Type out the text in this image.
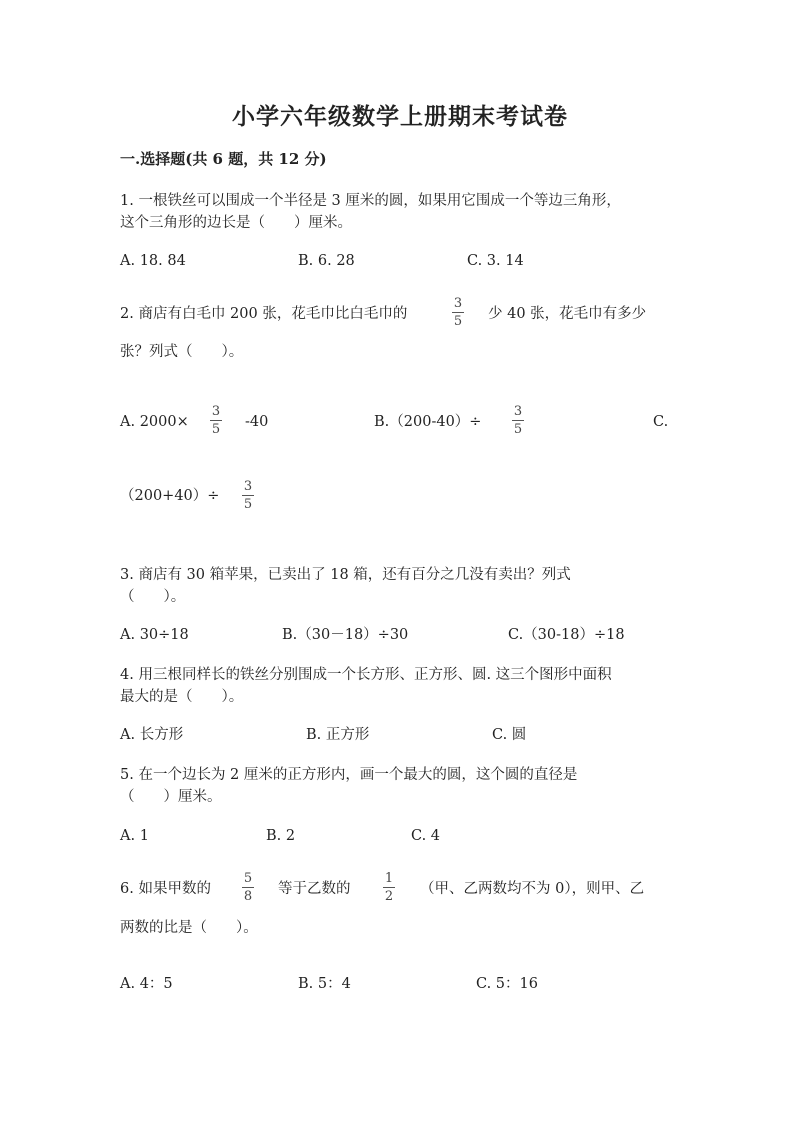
小学六年级数学上册期末考试卷
一.选择题(共 6 题，共 12 分)
1. 一根铁丝可以围成一个半径是 3 厘米的圆，如果用它围成一个等边三角形，
这个三角形的边长是（　　）厘米。
A. 18. 84	B. 6. 28	C. 3. 14
2. 商店有白毛巾 200 张，花毛巾比白毛巾的
3
5 少 40 张，花毛巾有多少
张？列式（　　）。
A. 2000×
3
5 -40	B.（200-40）÷
3
5	C.
（200+40）÷
3
5
3. 商店有 30 箱苹果，已卖出了 18 箱，还有百分之几没有卖出？列式
（　　）。
A. 30÷18	B.（30－18）÷30	C.（30-18）÷18
4. 用三根同样长的铁丝分别围成一个长方形、正方形、圆. 这三个图形中面积
最大的是（　　）。
A. 长方形	B. 正方形	C. 圆
5. 在一个边长为 2 厘米的正方形内，画一个最大的圆，这个圆的直径是
（　　）厘米。
A. 1	B. 2	C. 4
6. 如果甲数的
5
8 等于乙数的
1
2 （甲、乙两数均不为 0），则甲、乙
两数的比是（　　）。
A. 4：5	B. 5：4	C. 5：16
